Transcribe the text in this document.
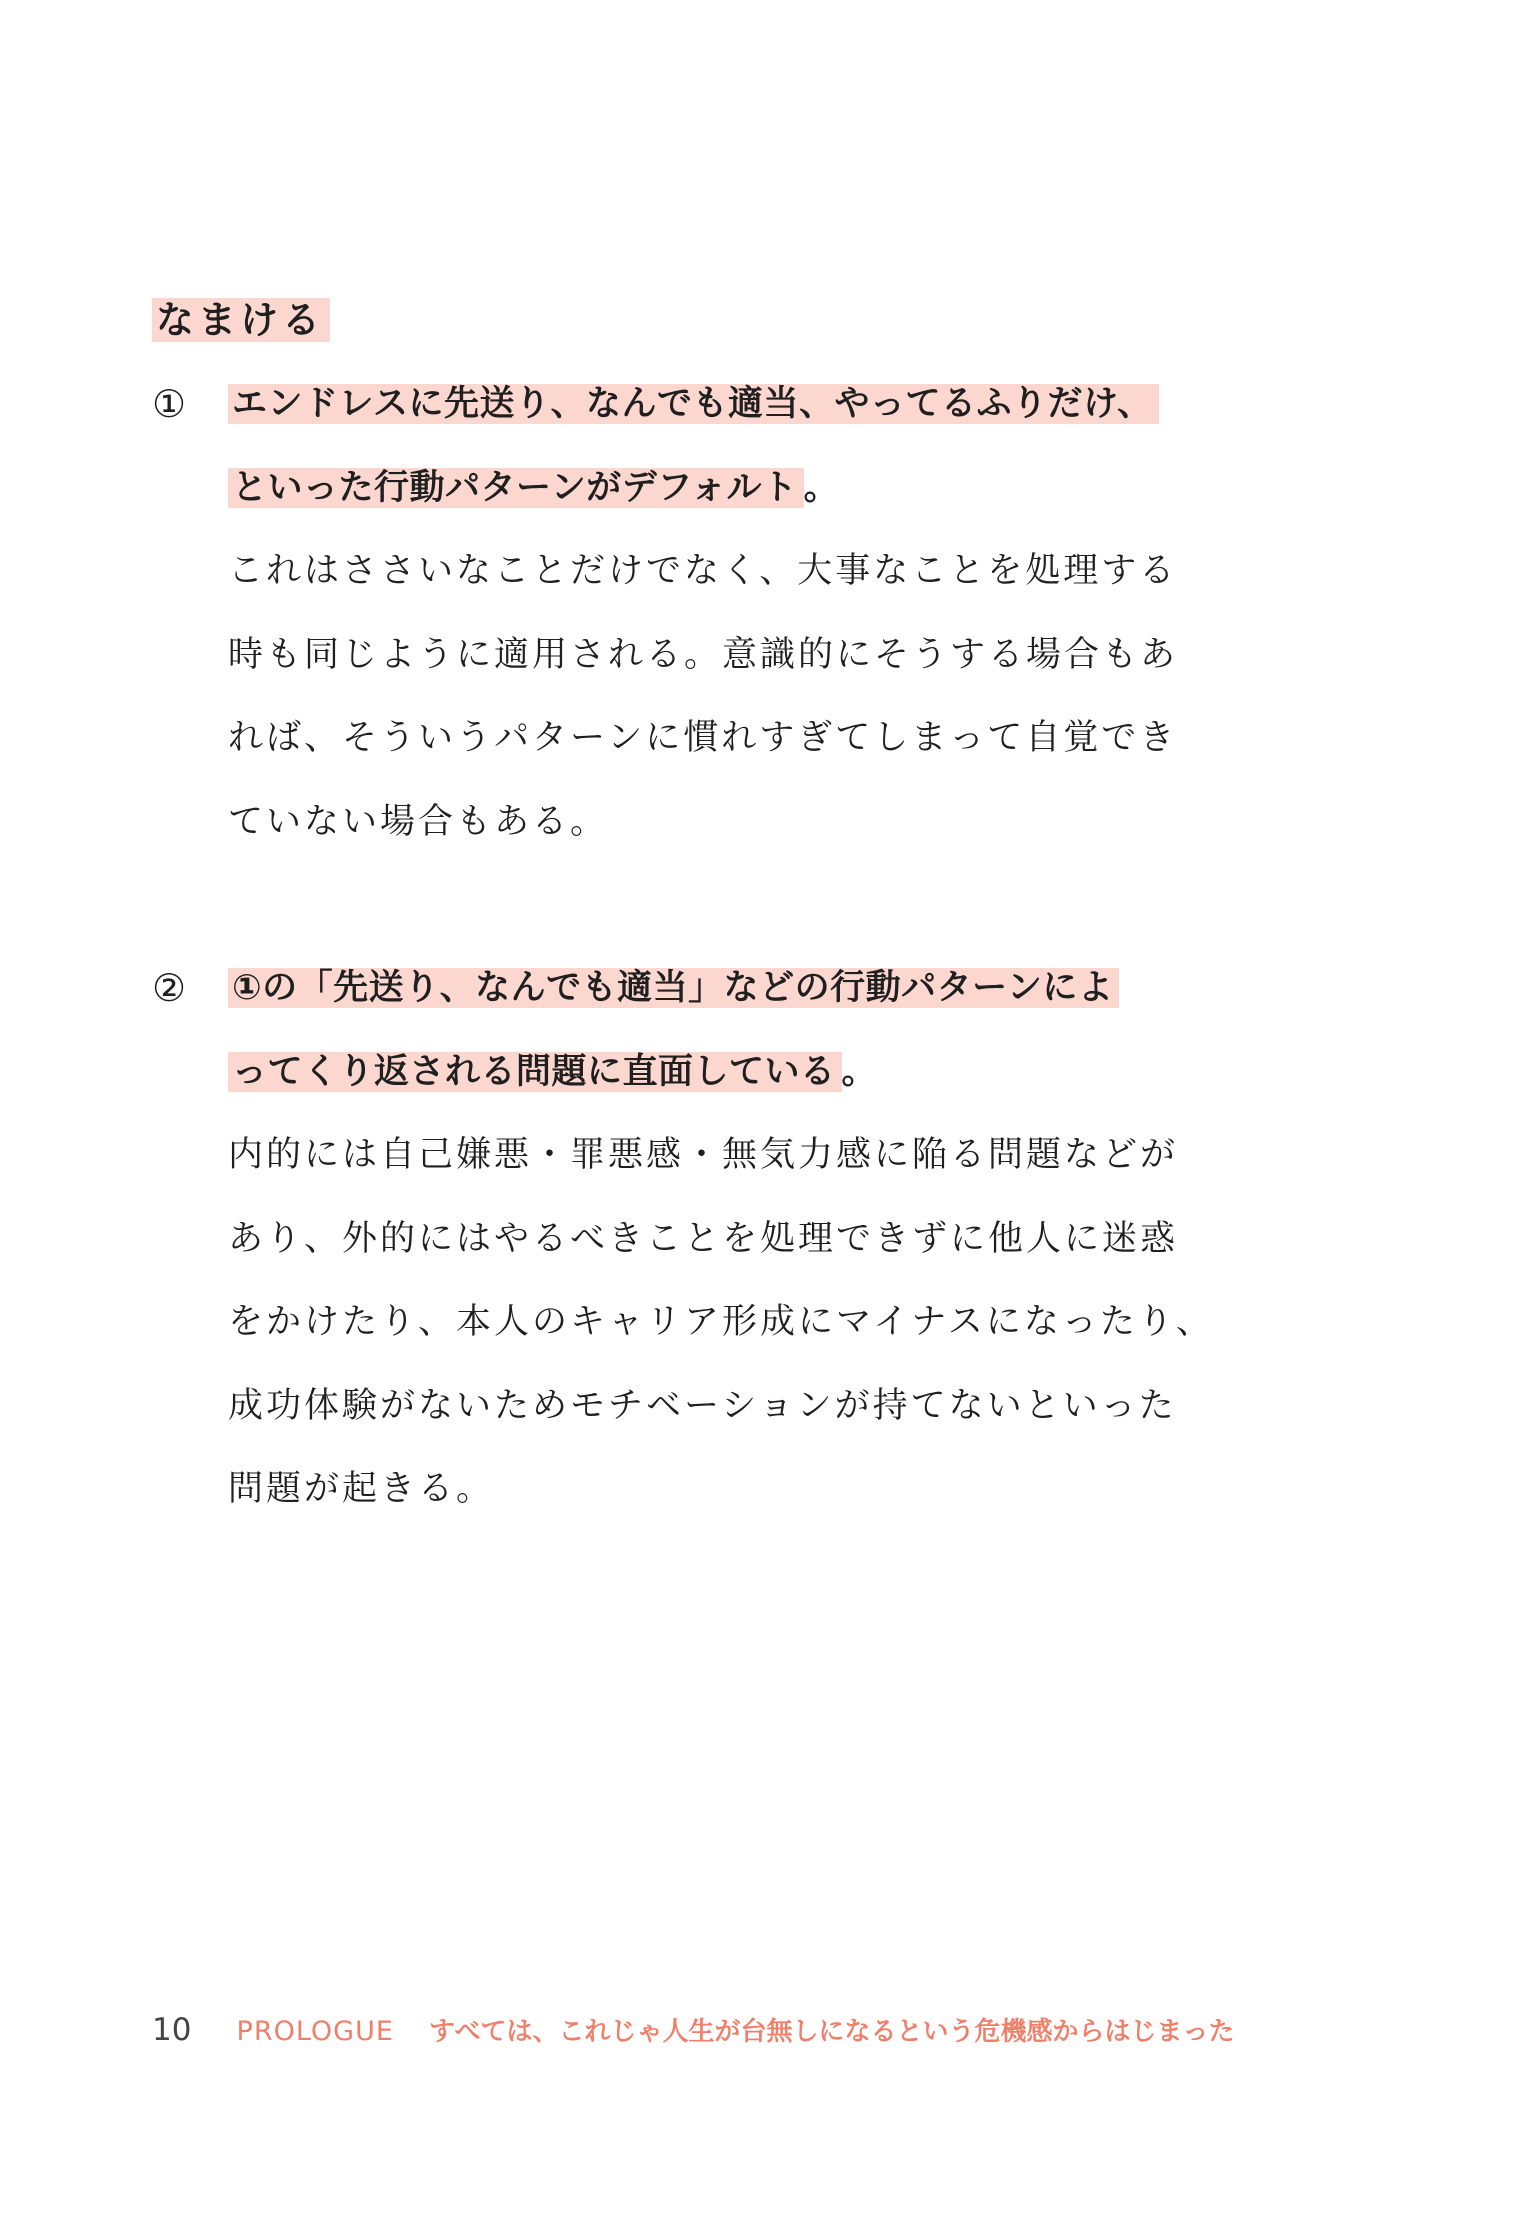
なまける
① エンドレスに先送り、なんでも適当、やってるふりだけ、

といった行動パターンがデフォルト 。

これはささいなことだけでなく、大事なことを処理する

時も同じように適用される。意識的にそうする場合もあ

れば、そういうパターンに慣れすぎてしまって自覚でき

ていない場合もある。

② ①の「先送り、なんでも適当」などの行動パターンによ

ってくり返される問題に直面している 。

内的には自己嫌悪・罪悪感・無気力感に陥る問題などが

あり、外的にはやるべきことを処理できずに他人に迷惑

をかけたり、本人のキャリア形成にマイナスになったり、

成功体験がないためモチベーションが持てないといった

問題が起きる。

10 PROLOGUE すべては、これじゃ人生が台無しになるという危機感からはじまった
